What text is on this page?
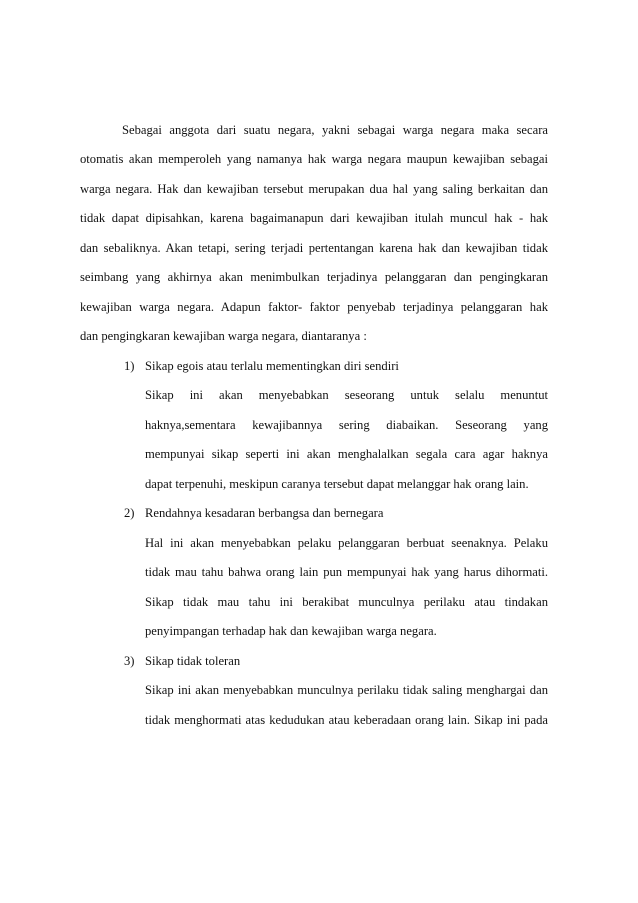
Sebagai anggota dari suatu negara, yakni sebagai warga negara maka secara
otomatis akan memperoleh yang namanya hak warga negara maupun kewajiban sebagai
warga negara. Hak dan kewajiban tersebut merupakan dua hal yang saling berkaitan dan
tidak dapat dipisahkan, karena bagaimanapun dari kewajiban itulah muncul hak - hak
dan sebaliknya. Akan tetapi, sering terjadi pertentangan karena hak dan kewajiban tidak
seimbang yang akhirnya akan menimbulkan terjadinya pelanggaran dan pengingkaran
kewajiban warga negara. Adapun faktor- faktor penyebab terjadinya pelanggaran hak
dan pengingkaran kewajiban warga negara, diantaranya :
1) Sikap egois atau terlalu mementingkan diri sendiri
Sikap ini akan menyebabkan seseorang untuk selalu menuntut
haknya,sementara kewajibannya sering diabaikan. Seseorang yang
mempunyai sikap seperti ini akan menghalalkan segala cara agar haknya
dapat terpenuhi, meskipun caranya tersebut dapat melanggar hak orang lain.
2) Rendahnya kesadaran berbangsa dan bernegara
Hal ini akan menyebabkan pelaku pelanggaran berbuat seenaknya. Pelaku
tidak mau tahu bahwa orang lain pun mempunyai hak yang harus dihormati.
Sikap tidak mau tahu ini berakibat munculnya perilaku atau tindakan
penyimpangan terhadap hak dan kewajiban warga negara.
3) Sikap tidak toleran
Sikap ini akan menyebabkan munculnya perilaku tidak saling menghargai dan
tidak menghormati atas kedudukan atau keberadaan orang lain. Sikap ini pada
